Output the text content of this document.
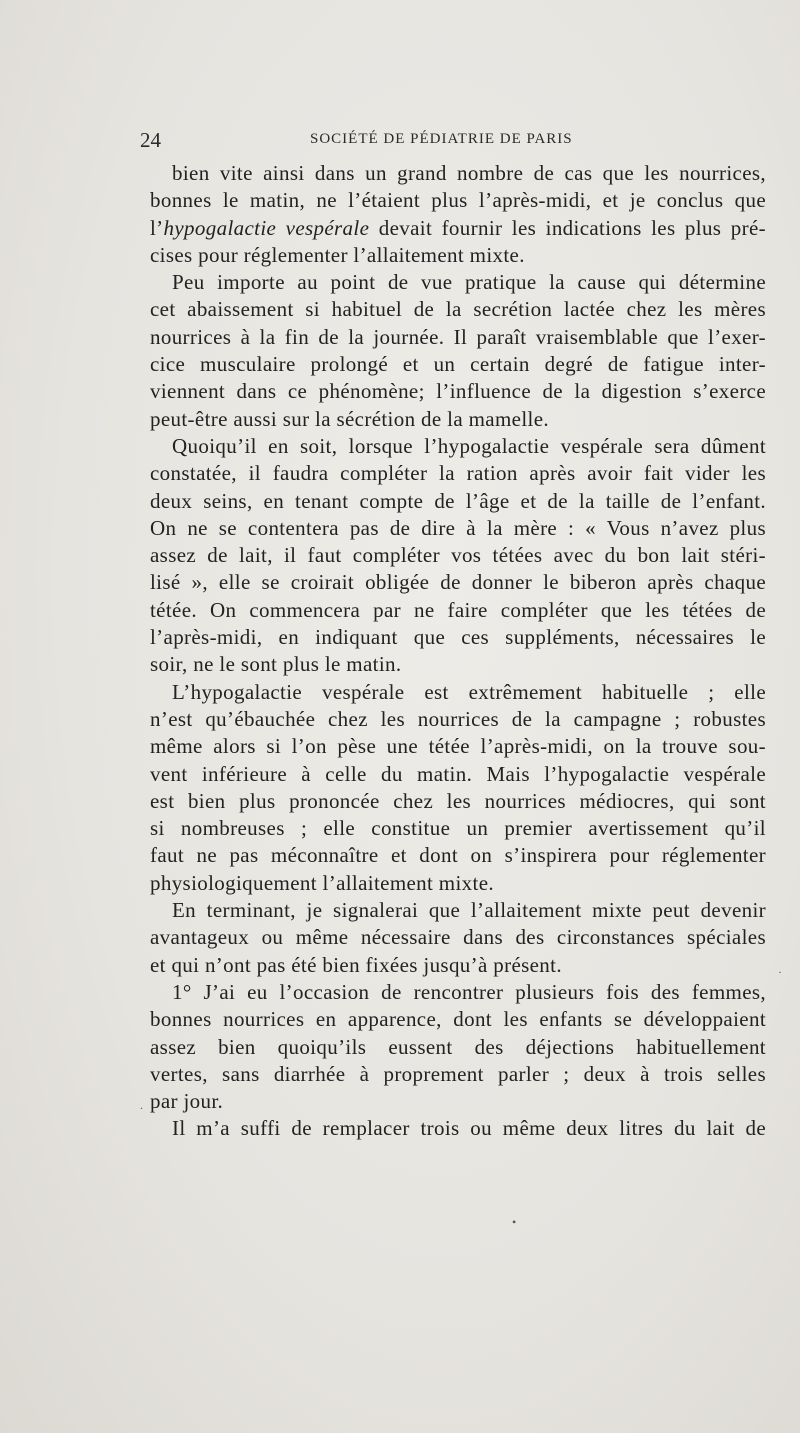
24	SOCIÉTÉ DE PÉDIATRIE DE PARIS
bien vite ainsi dans un grand nombre de cas que les nourrices,
bonnes le matin, ne l’étaient plus l’après-midi, et je conclus que
l’hypogalactie vespérale devait fournir les indications les plus pré-
cises pour réglementer l’allaitement mixte.
Peu importe au point de vue pratique la cause qui détermine
cet abaissement si habituel de la secrétion lactée chez les mères
nourrices à la fin de la journée. Il paraît vraisemblable que l’exer-
cice musculaire prolongé et un certain degré de fatigue inter-
viennent dans ce phénomène; l’influence de la digestion s’exerce
peut-être aussi sur la sécrétion de la mamelle.
Quoiqu’il en soit, lorsque l’hypogalactie vespérale sera dûment
constatée, il faudra compléter la ration après avoir fait vider les
deux seins, en tenant compte de l’âge et de la taille de l’enfant.
On ne se contentera pas de dire à la mère : « Vous n’avez plus
assez de lait, il faut compléter vos tétées avec du bon lait stéri-
lisé », elle se croirait obligée de donner le biberon après chaque
tétée. On commencera par ne faire compléter que les tétées de
l’après-midi, en indiquant que ces suppléments, nécessaires le
soir, ne le sont plus le matin.
L’hypogalactie vespérale est extrêmement habituelle ; elle
n’est qu’ébauchée chez les nourrices de la campagne ; robustes
même alors si l’on pèse une tétée l’après-midi, on la trouve sou-
vent inférieure à celle du matin. Mais l’hypogalactie vespérale
est bien plus prononcée chez les nourrices médiocres, qui sont
si nombreuses ; elle constitue un premier avertissement qu’il
faut ne pas méconnaître et dont on s’inspirera pour réglementer
physiologiquement l’allaitement mixte.
En terminant, je signalerai que l’allaitement mixte peut devenir
avantageux ou même nécessaire dans des circonstances spéciales
et qui n’ont pas été bien fixées jusqu’à présent.
1° J’ai eu l’occasion de rencontrer plusieurs fois des femmes,
bonnes nourrices en apparence, dont les enfants se développaient
assez bien quoiqu’ils eussent des déjections habituellement
vertes, sans diarrhée à proprement parler ; deux à trois selles
par jour.
Il m’a suffi de remplacer trois ou même deux litres du lait de
•
·
.
